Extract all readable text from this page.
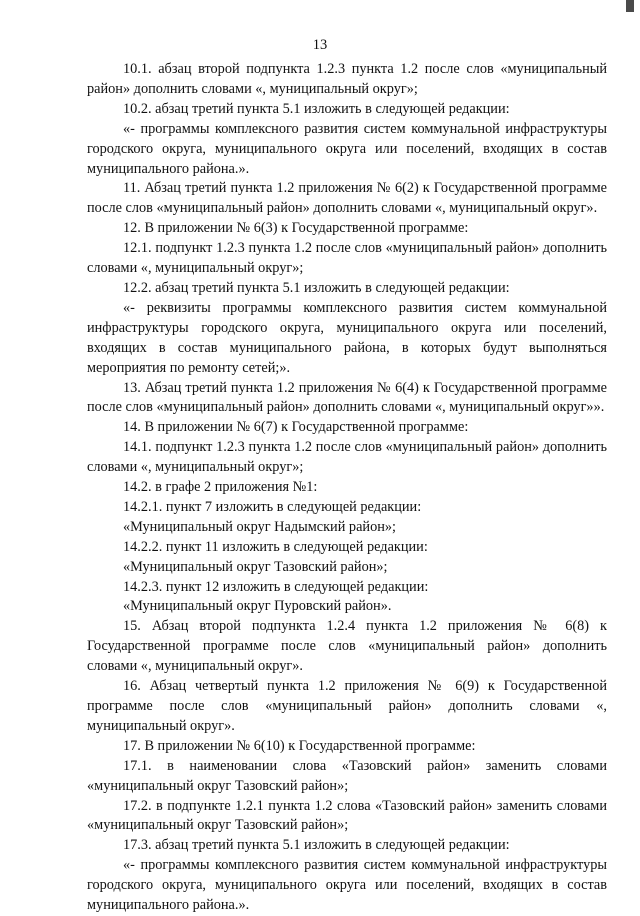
13

10.1. абзац второй подпункта 1.2.3 пункта 1.2 после слов «муниципальный район» дополнить словами «, муниципальный округ»;

10.2. абзац третий пункта 5.1 изложить в следующей редакции:

«- программы комплексного развития систем коммунальной инфраструктуры городского округа, муниципального округа или поселений, входящих в состав муниципального района.».

11. Абзац третий пункта 1.2 приложения № 6(2) к Государственной программе после слов «муниципальный район» дополнить словами «, муниципальный округ».

12. В приложении № 6(3) к Государственной программе:

12.1. подпункт 1.2.3 пункта 1.2 после слов «муниципальный район» дополнить словами «, муниципальный округ»;

12.2. абзац третий пункта 5.1 изложить в следующей редакции:

«- реквизиты программы комплексного развития систем коммунальной инфраструктуры городского округа, муниципального округа или поселений, входящих в состав муниципального района, в которых будут выполняться мероприятия по ремонту сетей;».

13. Абзац третий пункта 1.2 приложения № 6(4) к Государственной программе после слов «муниципальный район» дополнить словами «, муниципальный округ»».

14. В приложении № 6(7) к Государственной программе:

14.1. подпункт 1.2.3 пункта 1.2 после слов «муниципальный район» дополнить словами «, муниципальный округ»;

14.2. в графе 2 приложения №1:

14.2.1. пункт 7 изложить в следующей редакции:

«Муниципальный округ Надымский район»;

14.2.2. пункт 11 изложить в следующей редакции:

«Муниципальный округ Тазовский район»;

14.2.3. пункт 12 изложить в следующей редакции:

«Муниципальный округ Пуровский район».

15. Абзац второй подпункта 1.2.4 пункта 1.2 приложения № 6(8) к Государственной программе после слов «муниципальный район» дополнить словами «, муниципальный округ».

16. Абзац четвертый пункта 1.2 приложения № 6(9) к Государственной программе после слов «муниципальный район» дополнить словами «, муниципальный округ».

17. В приложении № 6(10) к Государственной программе:

17.1. в наименовании слова «Тазовский район» заменить словами «муниципальный округ Тазовский район»;

17.2. в подпункте 1.2.1 пункта 1.2 слова «Тазовский район» заменить словами «муниципальный округ Тазовский район»;

17.3. абзац третий пункта 5.1 изложить в следующей редакции:

«- программы комплексного развития систем коммунальной инфраструктуры городского округа, муниципального округа или поселений, входящих в состав муниципального района.».
